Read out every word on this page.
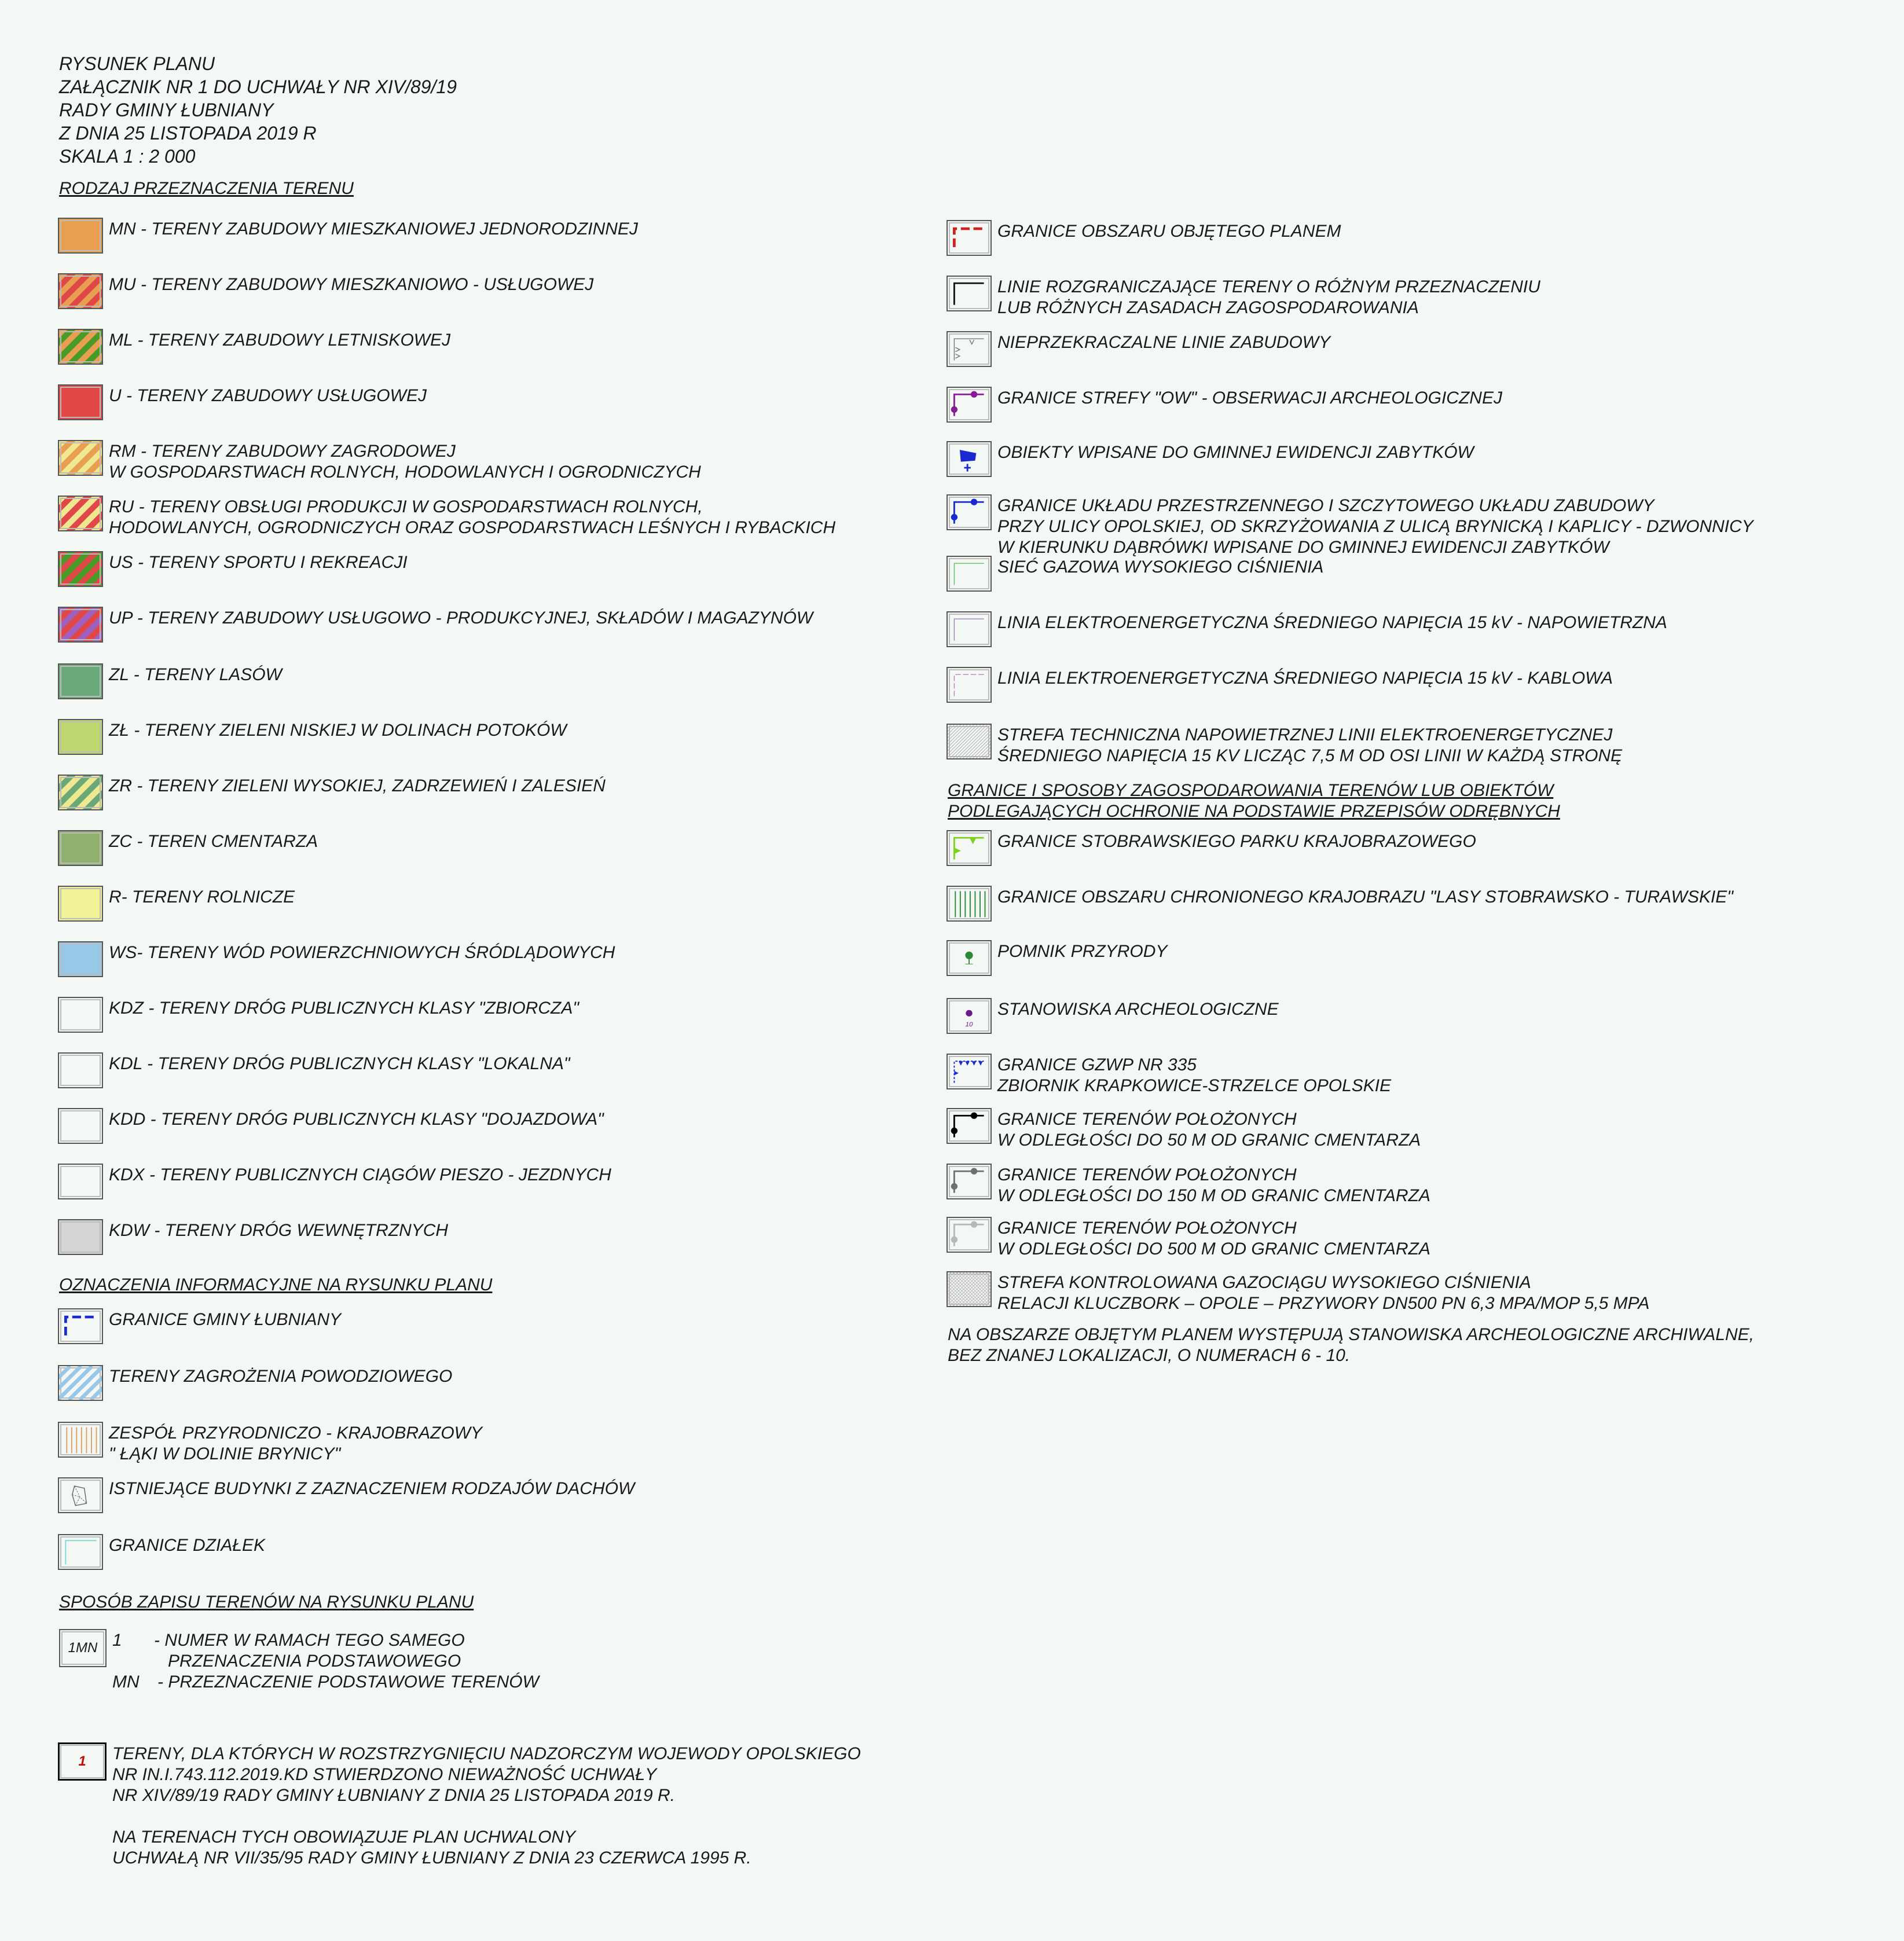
RYSUNEK PLANU
ZAŁĄCZNIK NR 1 DO UCHWAŁY NR XIV/89/19
RADY GMINY ŁUBNIANY
Z DNIA 25 LISTOPADA 2019 R
SKALA 1 : 2 000
RODZAJ PRZEZNACZENIA TERENU
OZNACZENIA INFORMACYJNE NA RYSUNKU PLANU
SPOSÓB ZAPISU TERENÓW NA RYSUNKU PLANU
GRANICE I SPOSOBY ZAGOSPODAROWANIA TERENÓW LUB OBIEKTÓW
PODLEGAJĄCYCH OCHRONIE NA PODSTAWIE PRZEPISÓW ODRĘBNYCH
MN - TERENY ZABUDOWY MIESZKANIOWEJ JEDNORODZINNEJ
MU - TERENY ZABUDOWY MIESZKANIOWO - USŁUGOWEJ
ML - TERENY ZABUDOWY LETNISKOWEJ
U - TERENY ZABUDOWY USŁUGOWEJ
RM - TERENY ZABUDOWY ZAGRODOWEJ
W GOSPODARSTWACH ROLNYCH, HODOWLANYCH I OGRODNICZYCH
RU - TERENY OBSŁUGI PRODUKCJI W GOSPODARSTWACH ROLNYCH,
HODOWLANYCH, OGRODNICZYCH ORAZ GOSPODARSTWACH LEŚNYCH I RYBACKICH
US - TERENY SPORTU I REKREACJI
UP - TERENY ZABUDOWY USŁUGOWO - PRODUKCYJNEJ, SKŁADÓW I MAGAZYNÓW
ZL - TERENY LASÓW
ZŁ - TERENY ZIELENI NISKIEJ W DOLINACH POTOKÓW
ZR - TERENY ZIELENI WYSOKIEJ, ZADRZEWIEŃ I ZALESIEŃ
ZC - TEREN CMENTARZA
R- TERENY ROLNICZE
WS- TERENY WÓD POWIERZCHNIOWYCH ŚRÓDLĄDOWYCH
KDZ - TERENY DRÓG PUBLICZNYCH KLASY "ZBIORCZA"
KDL - TERENY DRÓG PUBLICZNYCH KLASY "LOKALNA"
KDD - TERENY DRÓG PUBLICZNYCH KLASY "DOJAZDOWA"
KDX - TERENY PUBLICZNYCH CIĄGÓW PIESZO - JEZDNYCH
KDW - TERENY DRÓG WEWNĘTRZNYCH
GRANICE GMINY ŁUBNIANY
TERENY ZAGROŻENIA POWODZIOWEGO
ZESPÓŁ PRZYRODNICZO - KRAJOBRAZOWY
" ŁĄKI W DOLINIE BRYNICY"
ISTNIEJĄCE BUDYNKI Z ZAZNACZENIEM RODZAJÓW DACHÓW
GRANICE DZIAŁEK
GRANICE OBSZARU OBJĘTEGO PLANEM
LINIE ROZGRANICZAJĄCE TERENY O RÓŻNYM PRZEZNACZENIU
LUB RÓŻNYCH ZASADACH ZAGOSPODAROWANIA
NIEPRZEKRACZALNE LINIE ZABUDOWY
GRANICE STREFY "OW" - OBSERWACJI ARCHEOLOGICZNEJ
OBIEKTY WPISANE DO GMINNEJ EWIDENCJI ZABYTKÓW
GRANICE UKŁADU PRZESTRZENNEGO I SZCZYTOWEGO UKŁADU ZABUDOWY
PRZY ULICY OPOLSKIEJ, OD SKRZYŻOWANIA Z ULICĄ BRYNICKĄ I KAPLICY - DZWONNICY
W KIERUNKU DĄBRÓWKI WPISANE DO GMINNEJ EWIDENCJI ZABYTKÓW
SIEĆ GAZOWA WYSOKIEGO CIŚNIENIA
LINIA ELEKTROENERGETYCZNA ŚREDNIEGO NAPIĘCIA 15 kV - NAPOWIETRZNA
LINIA ELEKTROENERGETYCZNA ŚREDNIEGO NAPIĘCIA 15 kV - KABLOWA
STREFA TECHNICZNA NAPOWIETRZNEJ LINII ELEKTROENERGETYCZNEJ
ŚREDNIEGO NAPIĘCIA 15 KV LICZĄC 7,5 M OD OSI LINII W KAŻDĄ STRONĘ
GRANICE STOBRAWSKIEGO PARKU KRAJOBRAZOWEGO
GRANICE OBSZARU CHRONIONEGO KRAJOBRAZU "LASY STOBRAWSKO - TURAWSKIE"
POMNIK PRZYRODY
10
STANOWISKA ARCHEOLOGICZNE
GRANICE GZWP NR 335
ZBIORNIK KRAPKOWICE-STRZELCE OPOLSKIE
GRANICE TERENÓW POŁOŻONYCH
W ODLEGŁOŚCI DO 50 M OD GRANIC CMENTARZA
GRANICE TERENÓW POŁOŻONYCH
W ODLEGŁOŚCI DO 150 M OD GRANIC CMENTARZA
GRANICE TERENÓW POŁOŻONYCH
W ODLEGŁOŚCI DO 500 M OD GRANIC CMENTARZA
STREFA KONTROLOWANA GAZOCIĄGU WYSOKIEGO CIŚNIENIA
RELACJI KLUCZBORK – OPOLE – PRZYWORY DN500 PN 6,3 MPA/MOP 5,5 MPA
1MN 1 - NUMER W RAMACH TEGO SAMEGO
PRZENACZENIA PODSTAWOWEGO
MN - PRZEZNACZENIE PODSTAWOWE TERENÓW
1 TERENY, DLA KTÓRYCH W ROZSTRZYGNIĘCIU NADZORCZYM WOJEWODY OPOLSKIEGO
NR IN.I.743.112.2019.KD STWIERDZONO NIEWAŻNOŚĆ UCHWAŁY
NR XIV/89/19 RADY GMINY ŁUBNIANY Z DNIA 25 LISTOPADA 2019 R.
NA TERENACH TYCH OBOWIĄZUJE PLAN UCHWALONY
UCHWAŁĄ NR VII/35/95 RADY GMINY ŁUBNIANY Z DNIA 23 CZERWCA 1995 R.
NA OBSZARZE OBJĘTYM PLANEM WYSTĘPUJĄ STANOWISKA ARCHEOLOGICZNE ARCHIWALNE,
BEZ ZNANEJ LOKALIZACJI, O NUMERACH 6 - 10.
